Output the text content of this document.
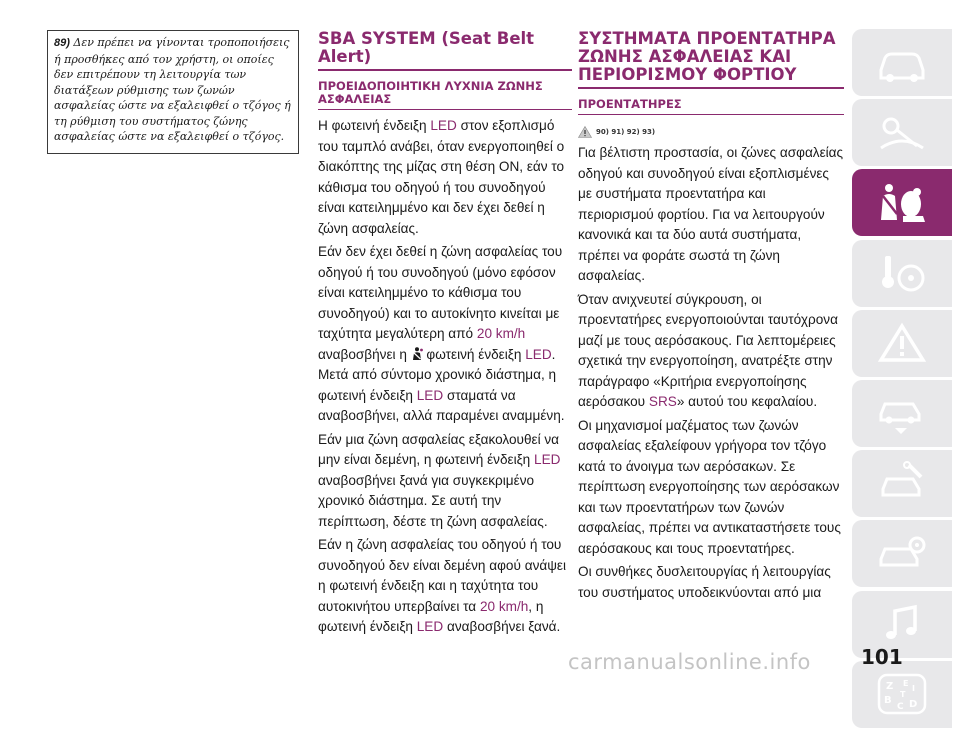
89) Δεν πρέπει να γίνονται τροποποιήσεις
ή προσθήκες από τον χρήστη, οι οποίες
δεν επιτρέπουν τη λειτουργία των
διατάξεων ρύθμισης των ζωνών
ασφαλείας ώστε να εξαλειφθεί ο τζόγος ή
τη ρύθμιση του συστήματος ζώνης
ασφαλείας ώστε να εξαλειφθεί ο τζόγος.
SBA SYSTEM (Seat Belt
Alert)
ΠΡΟΕΙΔΟΠΟΙΗΤΙΚΗ ΛΥΧΝΙΑ ΖΩΝΗΣ
ΑΣΦΑΛΕΙΑΣ

Η φωτεινή ένδειξη LED στον εξοπλισμό του ταμπλό ανάβει, όταν ενεργοποιηθεί ο διακόπτης της μίζας στη θέση ON, εάν το κάθισμα του οδηγού ή του συνοδηγού είναι κατειλημμένο και δεν έχει δεθεί η ζώνη ασφαλείας.

Εάν δεν έχει δεθεί η ζώνη ασφαλείας του οδηγού ή του συνοδηγού (μόνο εφόσον είναι κατειλημμένο το κάθισμα του συνοδηγού) και το αυτοκίνητο κινείται με ταχύτητα μεγαλύτερη από 20 km/h αναβοσβήνει η  φωτεινή ένδειξη LED. Μετά από σύντομο χρονικό διάστημα, η φωτεινή ένδειξη LED σταματά να αναβοσβήνει, αλλά παραμένει αναμμένη.

Εάν μια ζώνη ασφαλείας εξακολουθεί να μην είναι δεμένη, η φωτεινή ένδειξη LED αναβοσβήνει ξανά για συγκεκριμένο χρονικό διάστημα. Σε αυτή την περίπτωση, δέστε τη ζώνη ασφαλείας.

Εάν η ζώνη ασφαλείας του οδηγού ή του συνοδηγού δεν είναι δεμένη αφού ανάψει η φωτεινή ένδειξη και η ταχύτητα του αυτοκινήτου υπερβαίνει τα 20 km/h, η φωτεινή ένδειξη LED αναβοσβήνει ξανά.

ΣΥΣΤΗΜΑΤΑ ΠΡΟΕΝΤΑΤΗΡΑ
ΖΩΝΗΣ ΑΣΦΑΛΕΙΑΣ ΚΑΙ
ΠΕΡΙΟΡΙΣΜΟΥ ΦΟΡΤΙΟΥ
ΠΡΟΕΝΤΑΤΗΡΕΣ
90) 91) 92) 93)

Για βέλτιστη προστασία, οι ζώνες ασφαλείας οδηγού και συνοδηγού είναι εξοπλισμένες με συστήματα προεντατήρα και περιορισμού φορτίου. Για να λειτουργούν κανονικά και τα δύο αυτά συστήματα, πρέπει να φοράτε σωστά τη ζώνη ασφαλείας.

Όταν ανιχνευτεί σύγκρουση, οι προεντατήρες ενεργοποιούνται ταυτόχρονα μαζί με τους αερόσακους. Για λεπτομέρειες σχετικά την ενεργοποίηση, ανατρέξτε στην παράγραφο «Κριτήρια ενεργοποίησης αερόσακου SRS» αυτού του κεφαλαίου.

Οι μηχανισμοί μαζέματος των ζωνών ασφαλείας εξαλείφουν γρήγορα τον τζόγο κατά το άνοιγμα των αερόσακων. Σε περίπτωση ενεργοποίησης των αερόσακων και των προεντατήρων των ζωνών ασφαλείας, πρέπει να αντικαταστήσετε τους αερόσακους και τους προεντατήρες.

Οι συνθήκες δυσλειτουργίας ή λειτουργίας του συστήματος υποδεικνύονται από μια

Z E
I
B
C D
T
101
carmanualsonline.info
